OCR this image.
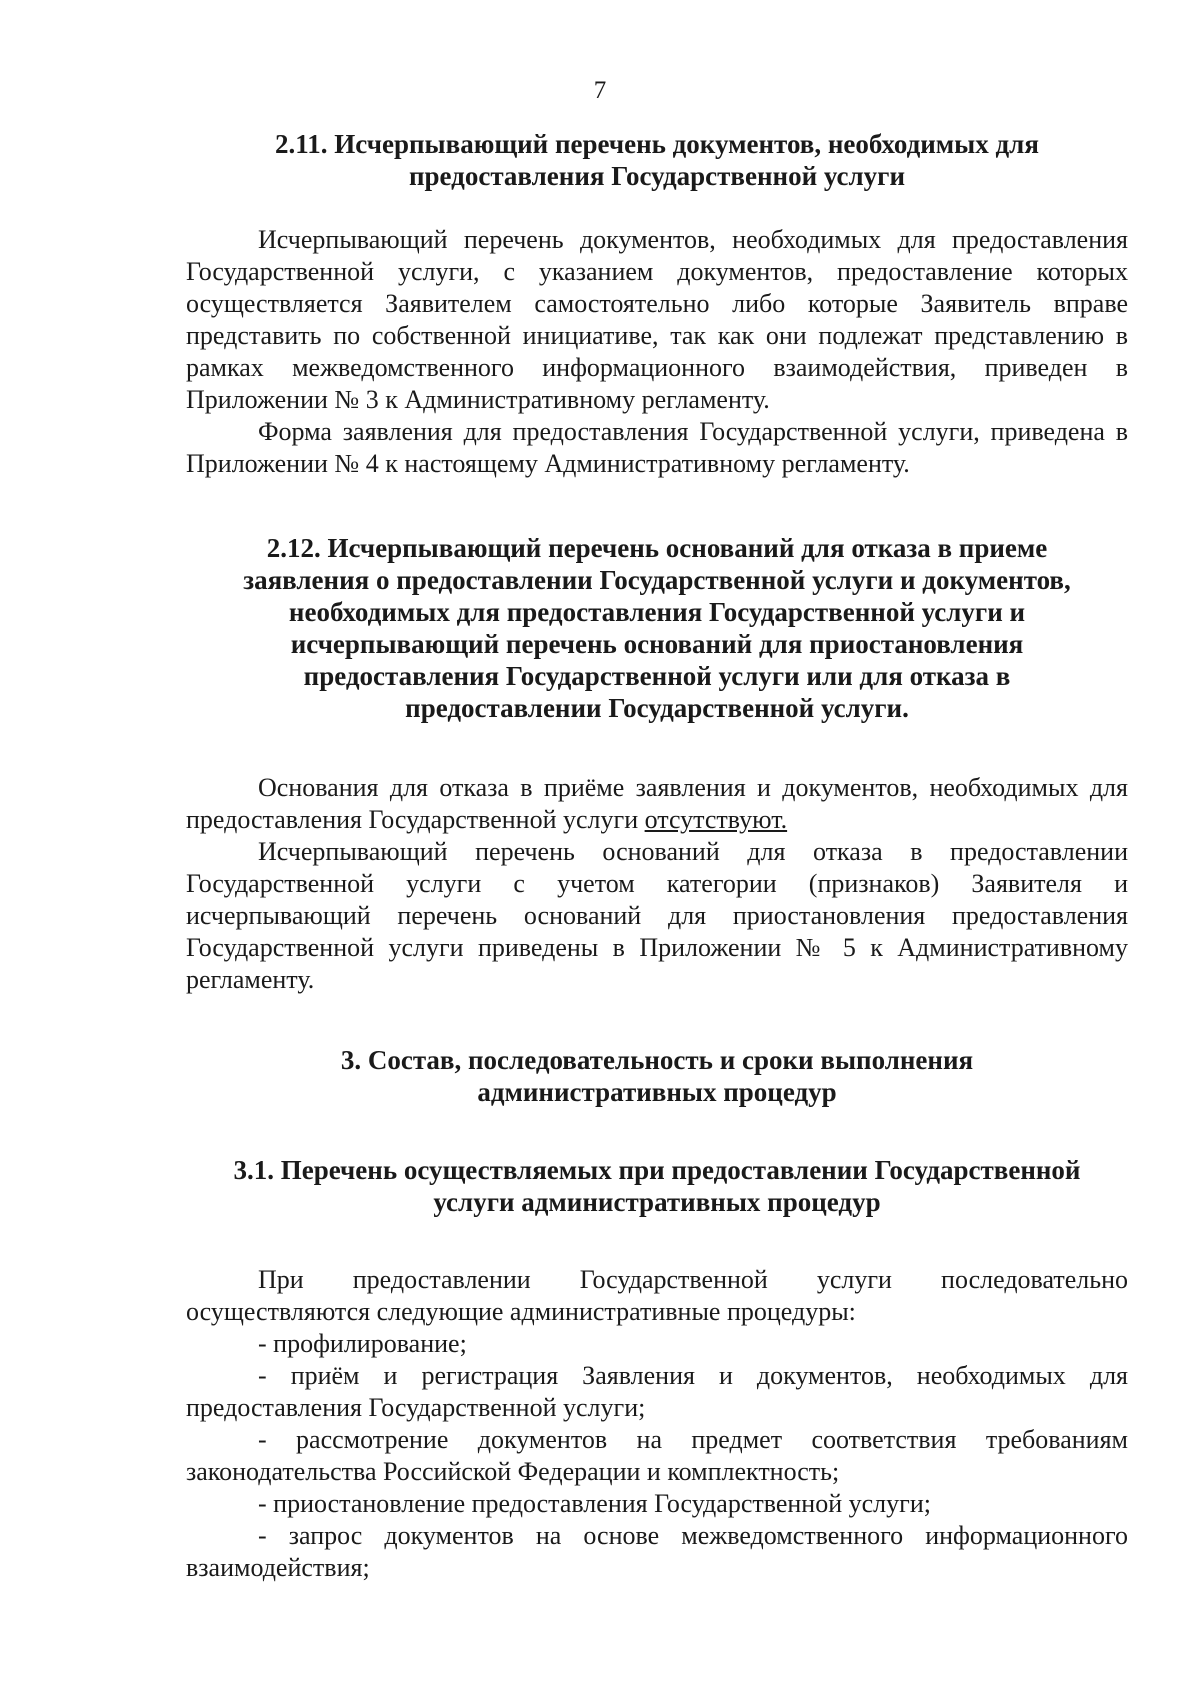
7
2.11. Исчерпывающий перечень документов, необходимых для
предоставления Государственной услуги

Исчерпывающий перечень документов, необходимых для предоставления Государственной услуги, с указанием документов, предоставление которых осуществляется Заявителем самостоятельно либо которые Заявитель вправе представить по собственной инициативе, так как они подлежат представлению в рамках межведомственного информационного взаимодействия, приведен в Приложении № 3 к Административному регламенту.

Форма заявления для предоставления Государственной услуги, приведена в Приложении № 4 к настоящему Административному регламенту.

2.12. Исчерпывающий перечень оснований для отказа в приеме
заявления о предоставлении Государственной услуги и документов,
необходимых для предоставления Государственной услуги и
исчерпывающий перечень оснований для приостановления
предоставления Государственной услуги или для отказа в
предоставлении Государственной услуги.

Основания для отказа в приёме заявления и документов, необходимых для предоставления Государственной услуги отсутствуют.

Исчерпывающий перечень оснований для отказа в предоставлении Государственной услуги с учетом категории (признаков) Заявителя и исчерпывающий перечень оснований для приостановления предоставления Государственной услуги приведены в Приложении № 5 к Административному регламенту.

3. Состав, последовательность и сроки выполнения
административных процедур
3.1. Перечень осуществляемых при предоставлении Государственной
услуги административных процедур

При предоставлении Государственной услуги последовательно осуществляются следующие административные процедуры:

- профилирование;

- приём и регистрация Заявления и документов, необходимых для предоставления Государственной услуги;

- рассмотрение документов на предмет соответствия требованиям законодательства Российской Федерации и комплектность;

- приостановление предоставления Государственной услуги;

- запрос документов на основе межведомственного информационного взаимодействия;
